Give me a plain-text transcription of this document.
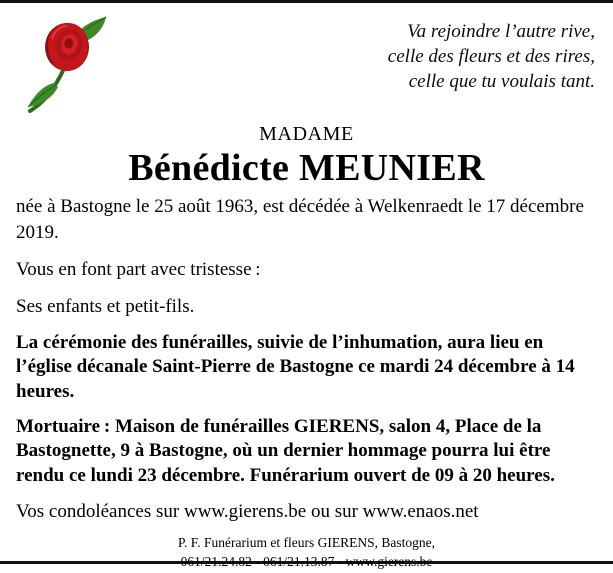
Va rejoindre l’autre rive,
celle des fleurs et des rires,
celle que tu voulais tant.
MADAME
Bénédicte MEUNIER

née à Bastogne le 25 août 1963, est décédée à Welkenraedt le 17 décembre 2019.

Vous en font part avec tristesse :

Ses enfants et petit-fils.

La cérémonie des funérailles, suivie de l’inhumation, aura lieu en l’église décanale Saint-Pierre de Bastogne ce mardi 24 décembre à 14 heures.

Mortuaire : Maison de funérailles GIERENS, salon 4, Place de la Bastognette, 9 à Bastogne, où un dernier hommage pourra lui être rendu ce lundi 23 décembre. Funérarium ouvert de 09 à 20 heures.

Vos condoléances sur www.gierens.be ou sur www.enaos.net

P. F. Funérarium et fleurs GIERENS, Bastogne,
061/21.24.82 - 061/21.13.87 - www.gierens.be
